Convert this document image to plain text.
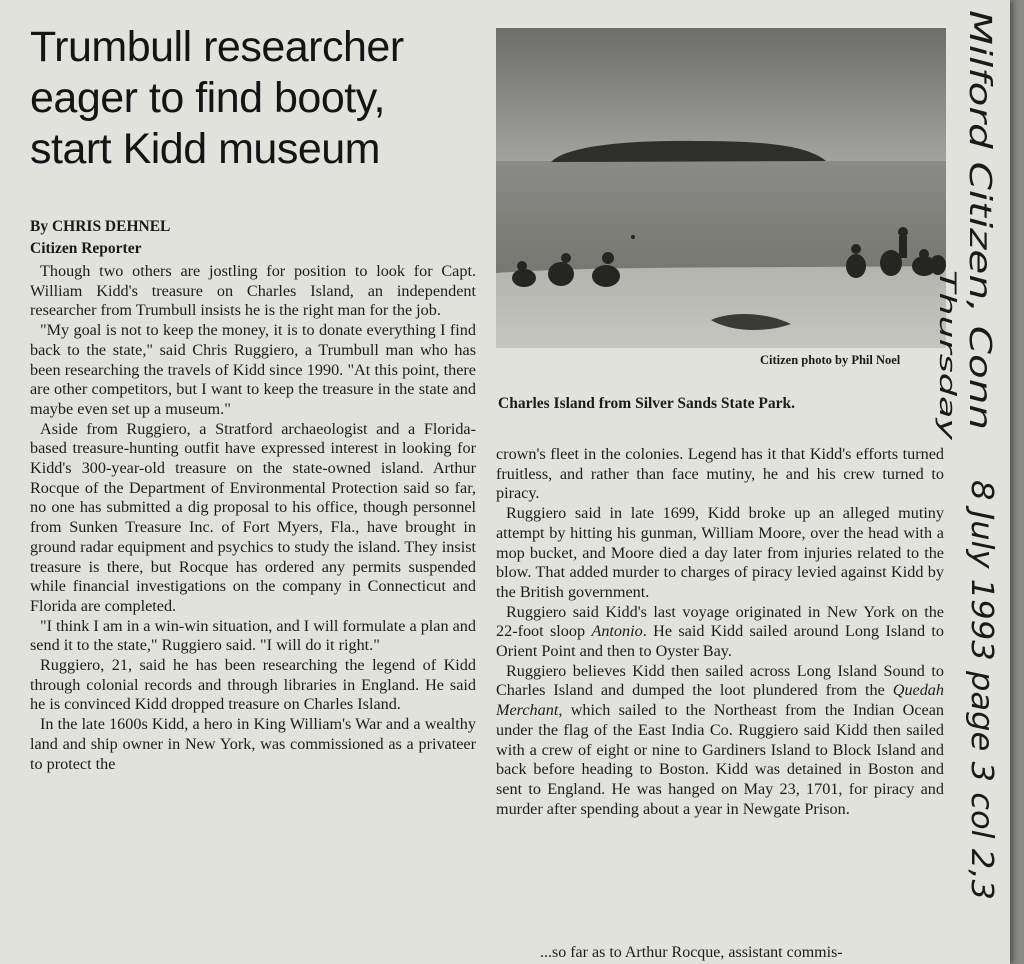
Trumbull researcher
eager to find booty,
start Kidd museum
By CHRIS DEHNEL
Citizen Reporter

Though two others are jostling for position to look for Capt. William Kidd's treasure on Charles Island, an independent researcher from Trumbull insists he is the right man for the job.

"My goal is not to keep the money, it is to donate everything I find back to the state," said Chris Ruggiero, a Trumbull man who has been researching the travels of Kidd since 1990. "At this point, there are other competitors, but I want to keep the treasure in the state and maybe even set up a museum."

Aside from Ruggiero, a Stratford archaeologist and a Florida-based treasure-hunting outfit have expressed interest in looking for Kidd's 300-year-old treasure on the state-owned island. Arthur Rocque of the Department of Environmental Protection said so far, no one has submitted a dig proposal to his office, though personnel from Sunken Treasure Inc. of Fort Myers, Fla., have brought in ground radar equipment and psychics to study the island. They insist treasure is there, but Rocque has ordered any permits suspended while financial investigations on the company in Connecticut and Florida are completed.

"I think I am in a win-win situation, and I will formulate a plan and send it to the state," Ruggiero said. "I will do it right."

Ruggiero, 21, said he has been researching the legend of Kidd through colonial records and through libraries in England. He said he is convinced Kidd dropped treasure on Charles Island.

In the late 1600s Kidd, a hero in King William's War and a wealthy land and ship owner in New York, was commissioned as a privateer to protect the

Citizen photo by Phil Noel
Charles Island from Silver Sands State Park.

crown's fleet in the colonies. Legend has it that Kidd's efforts turned fruitless, and rather than face mutiny, he and his crew turned to piracy.

Ruggiero said in late 1699, Kidd broke up an alleged mutiny attempt by hitting his gunman, William Moore, over the head with a mop bucket, and Moore died a day later from injuries related to the blow. That added murder to charges of piracy levied against Kidd by the British government.

Ruggiero said Kidd's last voyage originated in New York on the 22-foot sloop Antonio. He said Kidd sailed around Long Island to Orient Point and then to Oyster Bay.

Ruggiero believes Kidd then sailed across Long Island Sound to Charles Island and dumped the loot plundered from the Quedah Merchant, which sailed to the Northeast from the Indian Ocean under the flag of the East India Co. Ruggiero said Kidd then sailed with a crew of eight or nine to Gardiners Island to Block Island and back before heading to Boston. Kidd was detained in Boston and sent to England. He was hanged on May 23, 1701, for piracy and murder after spending about a year in Newgate Prison.

...so far as to Arthur Rocque, assistant commis-
Milford Citizen, Conn
Thursday
8 July 1993 page 3 col 2,3
